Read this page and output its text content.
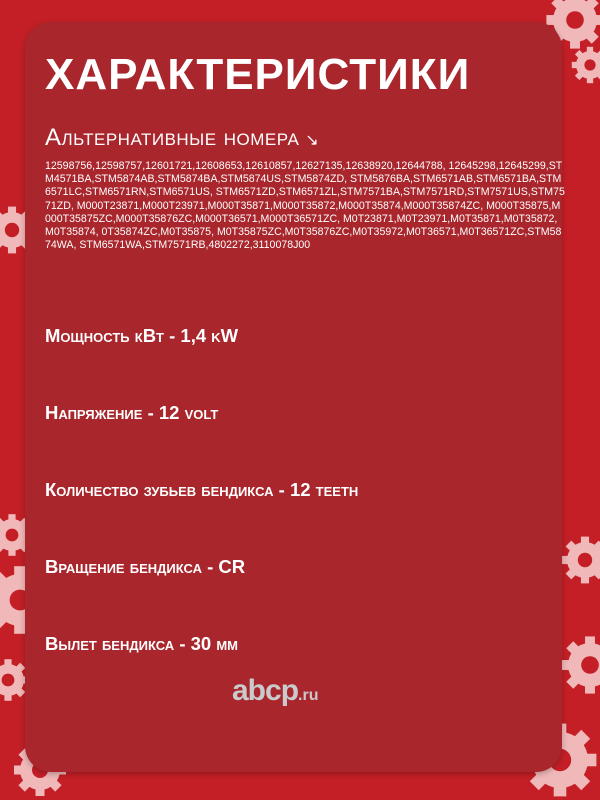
ХАРАКТЕРИСТИКИ
Альтернативные номера ↘

12598756,12598757,12601721,12608653,12610857,12627135,12638920,12644788, 12645298,12645299,STM4571BA,STM5874AB,STM5874BA,STM5874US,STM5874ZD, STM5876BA,STM6571AB,STM6571BA,STM6571LC,STM6571RN,STM6571US, STM6571ZD,STM6571ZL,STM7571BA,STM7571RD,STM7571US,STM7571ZD, M000T23871,M000T23971,M000T35871,M000T35872,M000T35874,M000T35874ZC, M000T35875,M000T35875ZC,M000T35876ZC,M000T36571,M000T36571ZC, M0T23871,M0T23971,M0T35871,M0T35872,M0T35874, 0T35874ZC,M0T35875, M0T35875ZC,M0T35876ZC,M0T35972,M0T36571,M0T36571ZC,STM5874WA, STM6571WA,STM7571RB,4802272,3110078J00

Мощность кВт - 1,4 kW

Напряжение - 12 volt

Количество зубьев бендикса - 12 teeth

Вращение бендикса - CR

Вылет бендикса - 30 мм

abcp.ru
